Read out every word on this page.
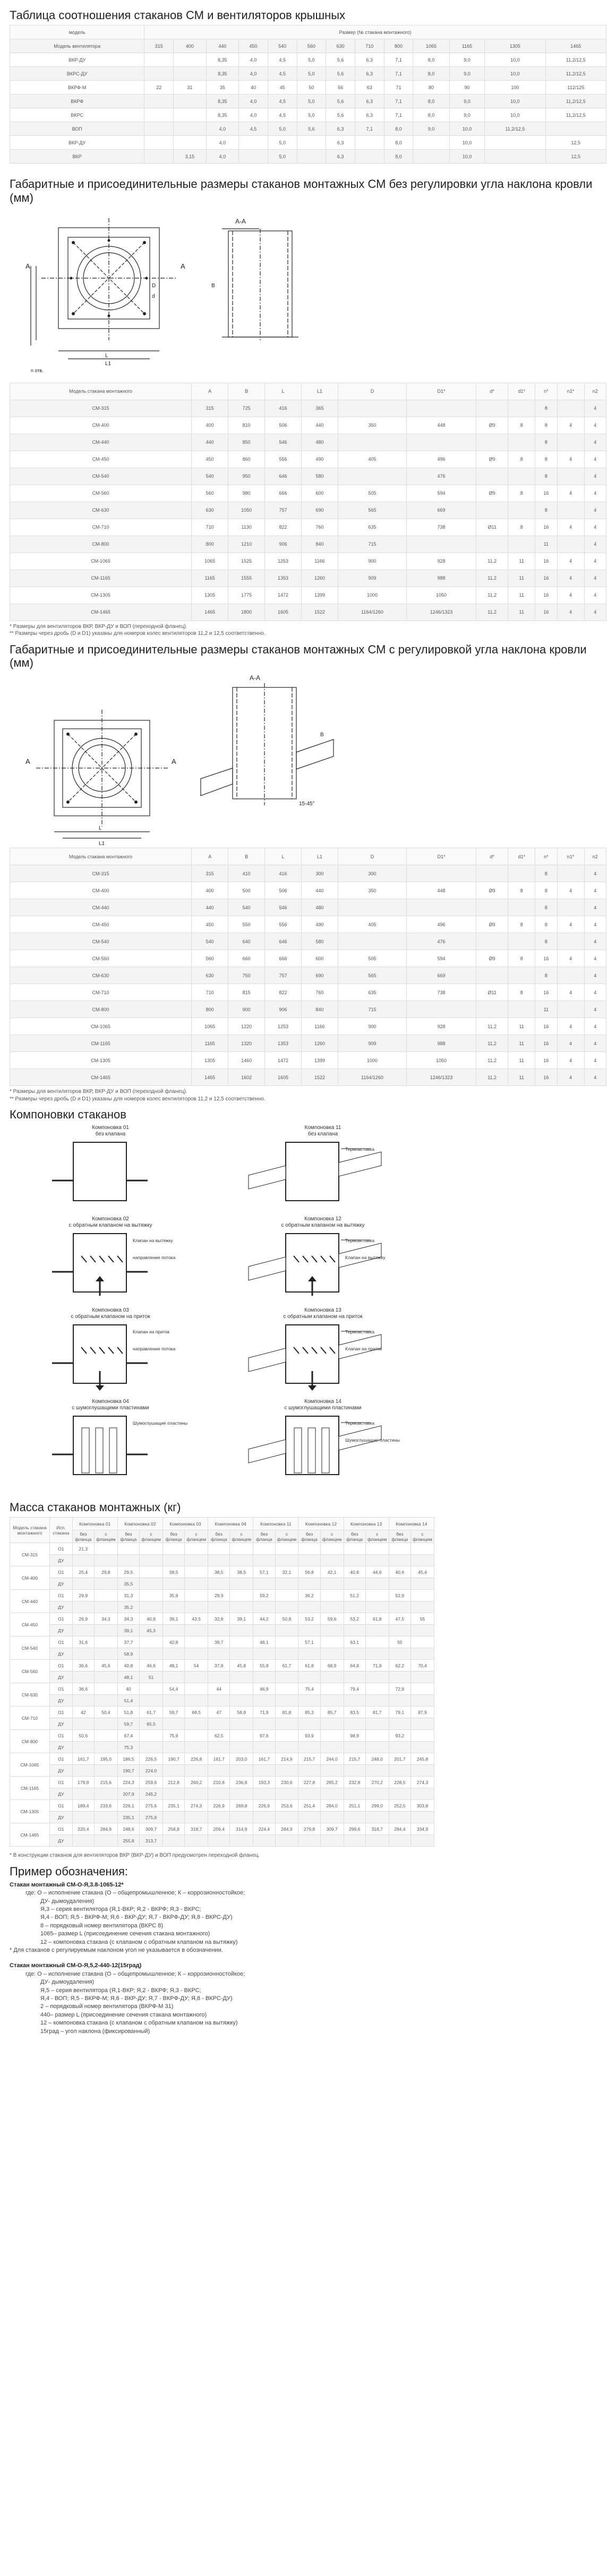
Таблица соотношения стаканов СМ и вентиляторов крышных
модель	Размер (№ стакана монтажного)												
Модель вентилятора	315	400	440	450	540	560	630	710	800	1065	1165	1305	1465
ВКР-ДУ			8,35	4,0	4,5	5,0	5,6	6,3	7,1	8,0	9,0	10,0	11,2/12,5
ВКРС-ДУ			8,35	4,0	4,5	5,0	5,6	6,3	7,1	8,0	9,0	10,0	11,2/12,5
ВКРФ-М	22	31	35	40	45	50	56	63	71	80	90	100	112/125
ВКРФ			8,35	4,0	4,5	5,0	5,6	6,3	7,1	8,0	9,0	10,0	11,2/12,5
ВКРС			8,35	4,0	4,5	5,0	5,6	6,3	7,1	8,0	9,0	10,0	11,2/12,5
ВОП			4,0	4,5	5,0	5,6	6,3	7,1	8,0	9,0	10,0	11,2/12,5	
ВКР-ДУ			4,0		5,0		6,3		8,0		10,0		12,5
ВКР		3,15	4,0		5,0		6,3		8,0		10,0		12,5
Габаритные и присоединительные размеры стаканов монтажных СМ без регулировки угла наклона кровли (мм)
A	A
L
L1
D
d
n отв.
A-A
B
Модель стакана монтажного	A	B	L	L1	D	D1*	d*	d1*	n*	n1*	n2
СМ-315	315	725	416	365					8		4
СМ-400	400	810	506	440	350	448	Ø9	8	8	4	4
СМ-440	440	850	546	480					8		4
СМ-450	450	860	556	490	405	496	Ø9	8	8	4	4
СМ-540	540	950	646	580		476			8		4
СМ-560	560	980	666	600	505	594	Ø9	8	16	4	4
СМ-630	630	1050	757	690	565	669			8		4
СМ-710	710	1130	822	760	635	738	Ø11	8	16	4	4
СМ-800	800	1210	906	840	715				11		4
СМ-1065	1065	1525	1253	1166	900	928	11,2	11	16	4	4
СМ-1165	1165	1555	1353	1260	909	988	11,2	11	16	4	4
СМ-1305	1305	1775	1472	1399	1000	1050	11,2	11	16	4	4
СМ-1465	1465	1800	1605	1522	1164/1260	1246/1323	11,2	11	16	4	4
* Размеры для вентиляторов ВКР, ВКР-ДУ и ВОП (переходной фланец).
** Размеры через дробь (D и D1) указаны для номеров колес вентиляторов 11,2 и 12,5 соответственно.
Габаритные и присоединительные размеры стаканов монтажных СМ с регулировкой угла наклона кровли (мм)
A	A
L
L1
A-A
15-45°
B
Модель стакана монтажного	A	B	L	L1	D	D1*	d*	d1*	n*	n1*	n2
СМ-315	315	410	416	300	300				8		4
СМ-400	400	500	506	440	350	448	Ø9	8	8	4	4
СМ-440	440	540	546	480					8		4
СМ-450	450	550	556	490	405	496	Ø9	8	8	4	4
СМ-540	540	640	646	580		476			8		4
СМ-560	560	660	666	600	505	594	Ø9	8	16	4	4
СМ-630	630	750	757	690	565	669			8		4
СМ-710	710	815	822	760	635	738	Ø11	8	16	4	4
СМ-800	800	900	906	840	715				11		4
СМ-1065	1065	1220	1253	1166	900	928	11,2	11	16	4	4
СМ-1165	1165	1320	1353	1260	909	988	11,2	11	16	4	4
СМ-1305	1305	1460	1472	1399	1000	1050	11,2	11	16	4	4
СМ-1465	1465	1602	1605	1522	1164/1260	1246/1323	11,2	11	16	4	4
* Размеры для вентиляторов ВКР, ВКР-ДУ и ВОП (переходной фланец).
** Размеры через дробь (D и D1) указаны для номеров колес вентиляторов 11,2 и 12,5 соответственно.
Компоновки стаканов
Компоновка 01
без клапана
Компоновка 11
без клапана
Термовставка
Компоновка 02
с обратным клапаном на вытяжку
Клапан на вытяжку
направление потока
Компоновка 12
с обратным клапаном на вытяжку
Термовставка
Клапан на вытяжку
Компоновка 03
с обратным клапаном на приток
Клапан на приток
направление потока
Компоновка 13
с обратным клапаном на приток
Термовставка
Клапан на приток
Компоновка 04
с шумоглушащими пластинами
Шумоглушащие пластины
Компоновка 14
с шумоглушащими пластинами
Термовставка
Шумоглушащие пластины
Масса стаканов монтажных (кг)
Модель стакана монтажного	Исп. стакана	Компоновка 01		Компоновка 02		Компоновка 03		Компоновка 04		Компоновка 11		Компоновка 12		Компоновка 13		Компоновка 14	
		без фланца	с фланцем	без фланца	с фланцем	без фланца	с фланцем	без фланца	с фланцем	без фланца	с фланцем	без фланца	с фланцем	без фланца	с фланцем	без фланца	с фланцем
СМ-315	О1	21,3															
	ДУ																
СМ-400	О1	25,4	29,8	29,5		58,5		38,5	38,5	57,1	32,1	56,8	42,1	40,8	44,6	40,6	45,4
	ДУ			35,5													
СМ-440	О1	29,9		31,3		35,9		29,9		59,2		36,2		51,2		52,9	
	ДУ			35,2													
СМ-450	О1	26,9	34,3	34,3	40,8	39,1	43,5	32,8	39,1	44,2	50,8	53,2	59,6	53,2	61,8	47,5	55
	ДУ			39,1	45,3												
СМ-540	О1	31,6		37,7		42,8		39,7		48,1		57,1		63,1		55	
	ДУ			58,9													
СМ-560	О1	36,6	45,6	40,8	46,6	48,1	54	37,8	45,8	55,8	61,7	61,8	68,9	64,8	71,9	62,2	70,4
	ДУ			48,1	51												
СМ-630	О1	36,6		40		54,4		44		46,9		75,4		79,4		72,9	
	ДУ			51,4													
СМ-710	О1	42	50,4	51,8	61,7	59,7	68,5	47	58,8	71,9	81,8	85,3	85,7	83,5	81,7	79,1	87,9
	ДУ			59,7	65,5												
СМ-800	О1	50,6		67,4		75,9		62,5		97,6		93,9		98,9		93,2	
	ДУ			75,3													
СМ-1065	О1	161,7	195,0	186,5	226,5	190,7	226,8	161,7	203,0	161,7	214,9	215,7	244,0	215,7	248,0	201,7	245,8
	ДУ			190,7	224,0												
СМ-1165	О1	179,8	215,6	224,3	259,6	212,8	260,2	210,8	236,8	193,3	230,6	227,8	265,2	232,8	270,2	228,5	274,3
	ДУ			207,9	245,2												
СМ-1305	О1	189,4	233,6	226,1	275,6	235,1	274,3	226,9	269,8	226,9	253,6	251,4	284,0	251,1	299,0	252,5	303,8
	ДУ			235,1	275,9												
СМ-1465	О1	220,4	284,9	248,6	309,7	258,8	318,7	259,4	314,9	224,4	284,9	279,8	309,7	299,6	318,7	284,4	334,9
	ДУ			255,8	313,7												
* В конструкции стаканов для вентиляторов ВКР (ВКР-ДУ) и ВОП предусмотрен переходной фланец.
Пример обозначения:
Стакан монтажный СМ-О-Я,3.8-1065-12*
где: О – исполнение стакана (О – общепромышленное; К – коррозионностойкое;
ДУ- дымоудаления)
Я,3 – серия вентилятора (Я,1-ВКР; Я,2 - ВКРФ; Я,3 - ВКРС;
Я,4 - ВОП; Я,5 - ВКРФ-М; Я,6 - ВКР-ДУ; Я,7 - ВКРФ-ДУ; Я,8 - ВКРС-ДУ)
8 – порядковый номер вентилятора (ВКРС 8)
1065– размер L (присоединение сечения стакана монтажного)
12 – компоновка стакана (с клапаном с обратным клапаном на вытяжку)
* Для стаканов с регулируемым наклоном угол не указывается в обозначении.
Стакан монтажный СМ-О-Я,5,2-440-12(15град)
где: О – исполнение стакана (О – общепромышленное; К – коррозионностойкое;
ДУ- дымоудаления)
Я,5 – серия вентилятора (Я,1-ВКР; Я,2 - ВКРФ; Я,3 - ВКРС;
Я,4 - ВОП; Я,5 - ВКРФ-М; Я,6 - ВКР-ДУ; Я,7 - ВКРФ-ДУ; Я,8 - ВКРС-ДУ)
2 – порядковый номер вентилятора (ВКРФ-М 31)
440– размер L (присоединение сечения стакана монтажного)
12 – компоновка стакана (с клапаном с обратным клапаном на вытяжку)
15град – угол наклона (фиксированный)
